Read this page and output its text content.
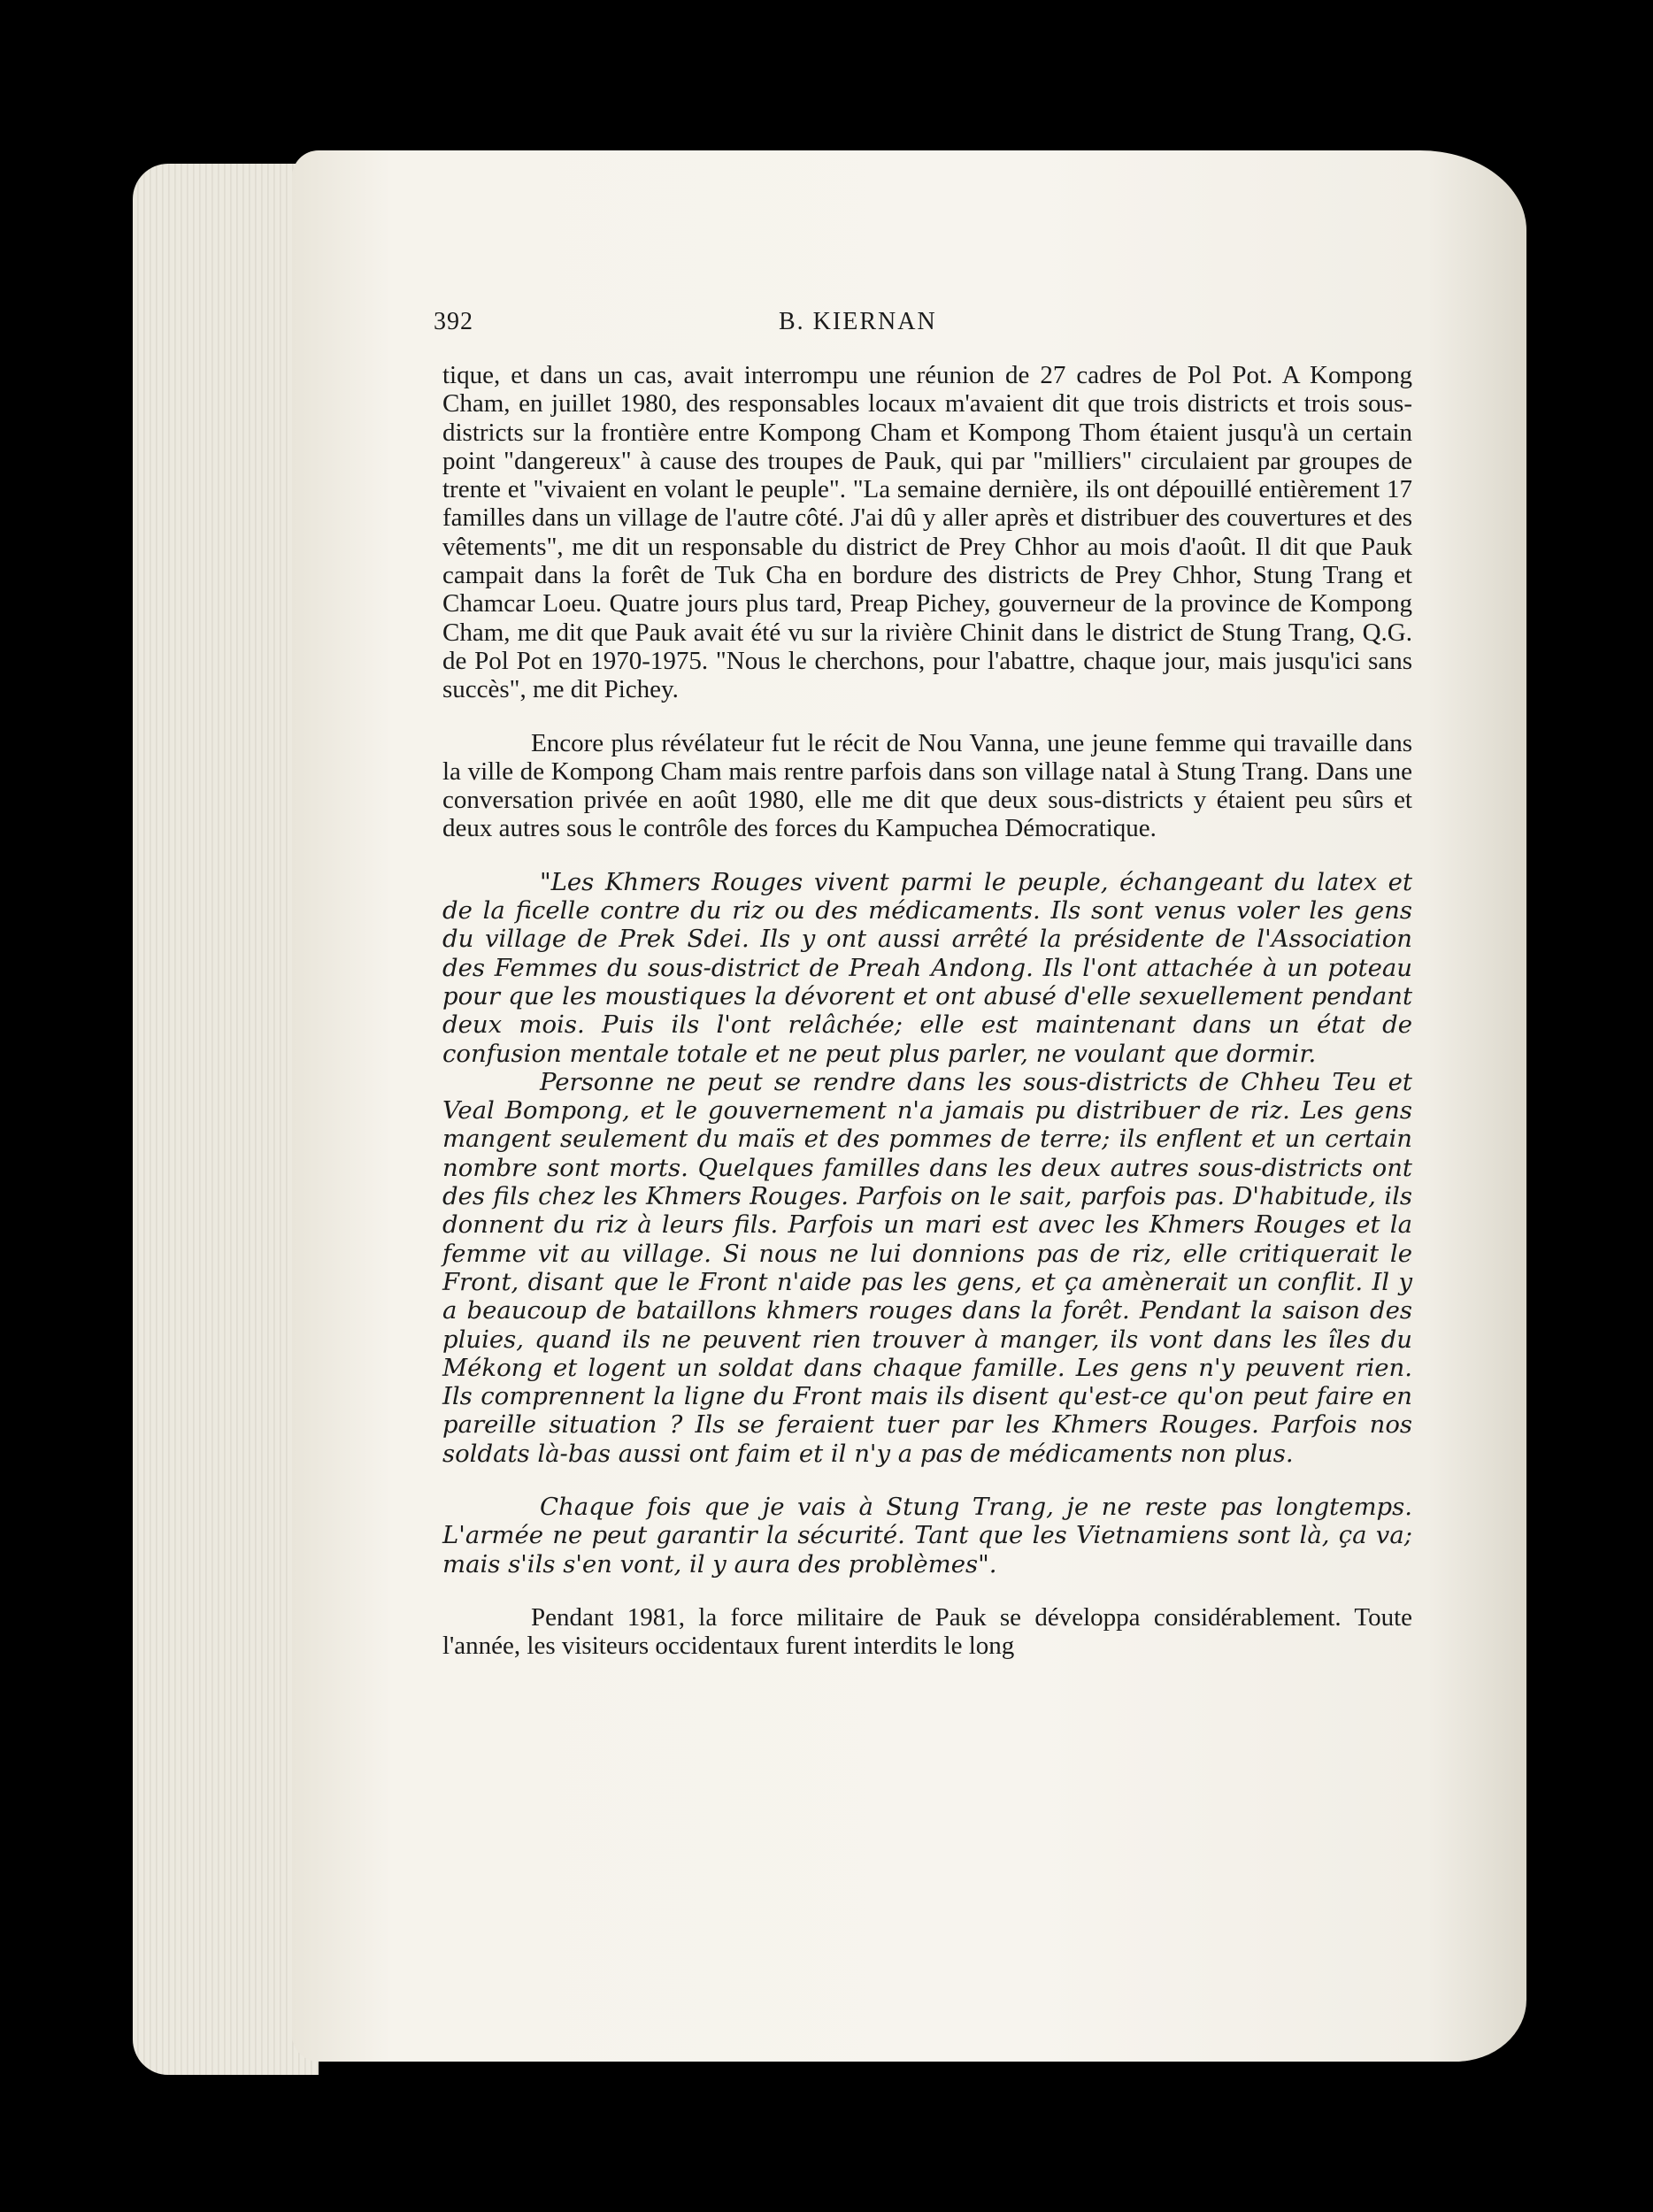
392	B. KIERNAN

tique, et dans un cas, avait interrompu une réunion de 27 cadres de Pol Pot. A Kompong Cham, en juillet 1980, des responsables locaux m'avaient dit que trois districts et trois sous-districts sur la frontière entre Kompong Cham et Kompong Thom étaient jusqu'à un certain point "dangereux" à cause des troupes de Pauk, qui par "milliers" circulaient par groupes de trente et "vivaient en volant le peuple". "La semaine dernière, ils ont dépouillé entièrement 17 familles dans un village de l'autre côté. J'ai dû y aller après et distribuer des couvertures et des vêtements", me dit un responsable du district de Prey Chhor au mois d'août. Il dit que Pauk campait dans la forêt de Tuk Cha en bordure des districts de Prey Chhor, Stung Trang et Chamcar Loeu. Quatre jours plus tard, Preap Pichey, gouverneur de la province de Kompong Cham, me dit que Pauk avait été vu sur la rivière Chinit dans le district de Stung Trang, Q.G. de Pol Pot en 1970-1975. "Nous le cherchons, pour l'abattre, chaque jour, mais jusqu'ici sans succès", me dit Pichey.

Encore plus révélateur fut le récit de Nou Vanna, une jeune femme qui travaille dans la ville de Kompong Cham mais rentre parfois dans son village natal à Stung Trang. Dans une conversation privée en août 1980, elle me dit que deux sous-districts y étaient peu sûrs et deux autres sous le contrôle des forces du Kampuchea Démocratique.

"Les Khmers Rouges vivent parmi le peuple, échangeant du latex et de la ficelle contre du riz ou des médicaments. Ils sont venus voler les gens du village de Prek Sdei. Ils y ont aussi arrêté la présidente de l'Association des Femmes du sous-district de Preah Andong. Ils l'ont attachée à un poteau pour que les moustiques la dévorent et ont abusé d'elle sexuellement pendant deux mois. Puis ils l'ont relâchée; elle est maintenant dans un état de confusion mentale totale et ne peut plus parler, ne voulant que dormir.

Personne ne peut se rendre dans les sous-districts de Chheu Teu et Veal Bompong, et le gouvernement n'a jamais pu distribuer de riz. Les gens mangent seulement du maïs et des pommes de terre; ils enflent et un certain nombre sont morts. Quelques familles dans les deux autres sous-districts ont des fils chez les Khmers Rouges. Parfois on le sait, parfois pas. D'habitude, ils donnent du riz à leurs fils. Parfois un mari est avec les Khmers Rouges et la femme vit au village. Si nous ne lui donnions pas de riz, elle critiquerait le Front, disant que le Front n'aide pas les gens, et ça amènerait un conflit. Il y a beaucoup de bataillons khmers rouges dans la forêt. Pendant la saison des pluies, quand ils ne peuvent rien trouver à manger, ils vont dans les îles du Mékong et logent un soldat dans chaque famille. Les gens n'y peuvent rien. Ils comprennent la ligne du Front mais ils disent qu'est-ce qu'on peut faire en pareille situation ? Ils se feraient tuer par les Khmers Rouges. Parfois nos soldats là-bas aussi ont faim et il n'y a pas de médicaments non plus.

Chaque fois que je vais à Stung Trang, je ne reste pas longtemps. L'armée ne peut garantir la sécurité. Tant que les Vietnamiens sont là, ça va; mais s'ils s'en vont, il y aura des problèmes".

Pendant 1981, la force militaire de Pauk se développa considérablement. Toute l'année, les visiteurs occidentaux furent interdits le long
